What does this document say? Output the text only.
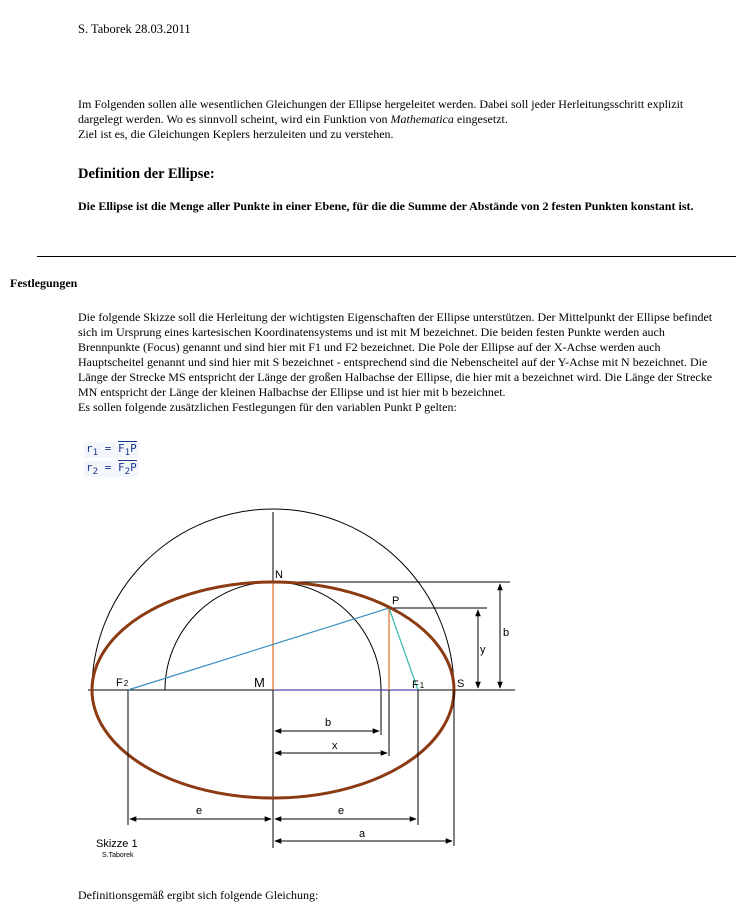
S. Taborek 28.03.2011
Im Folgenden sollen alle wesentlichen Gleichungen der Ellipse hergeleitet werden. Dabei soll jeder Herleitungsschritt explizit
dargelegt werden. Wo es sinnvoll scheint, wird ein Funktion von Mathematica eingesetzt.
Ziel ist es, die Gleichungen Keplers herzuleiten und zu verstehen.
Definition der Ellipse:
Die Ellipse ist die Menge aller Punkte in einer Ebene, für die die Summe der Abstände von 2 festen Punkten konstant ist.
Festlegungen
Die folgende Skizze soll die Herleitung der wichtigsten Eigenschaften der Ellipse unterstützen. Der Mittelpunkt der Ellipse befindet
sich im Ursprung eines kartesischen Koordinatensystems und ist mit M bezeichnet. Die beiden festen Punkte werden auch
Brennpunkte (Focus) genannt und sind hier mit F1 und F2 bezeichnet. Die Pole der Ellipse auf der X-Achse werden auch
Hauptscheitel genannt und sind hier mit S bezeichnet - entsprechend sind die Nebenscheitel auf der Y-Achse mit N bezeichnet. Die
Länge der Strecke MS entspricht der Länge der großen Halbachse der Ellipse, die hier mit a bezeichnet wird. Die Länge der Strecke
MN entspricht der Länge der kleinen Halbachse der Ellipse und ist hier mit b bezeichnet.
Es sollen folgende zusätzlichen Festlegungen für den variablen Punkt P gelten:
$r_1 = F_1P$
$r_2 = F_2P$
N
P
M	S
F2	F1
b
y
b
x
e	e
a
Skizze 1
S.Taborek
Definitionsgemäß ergibt sich folgende Gleichung:
